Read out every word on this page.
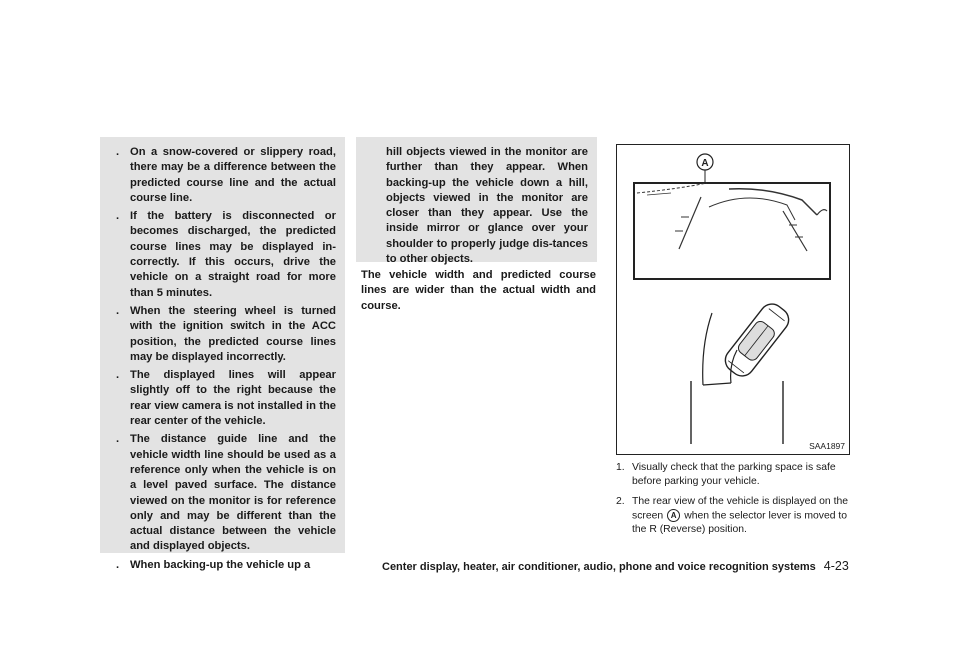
. On a snow-covered or slippery road, there may be a difference between the predicted course line and the actual course line.
. If the battery is disconnected or becomes discharged, the predicted course lines may be displayed in-correctly. If this occurs, drive the vehicle on a straight road for more than 5 minutes.
. When the steering wheel is turned with the ignition switch in the ACC position, the predicted course lines may be displayed incorrectly.
. The displayed lines will appear slightly off to the right because the rear view camera is not installed in the rear center of the vehicle.
. The distance guide line and the vehicle width line should be used as a reference only when the vehicle is on a level paved surface. The distance viewed on the monitor is for reference only and may be different than the actual distance between the vehicle and displayed objects.
. When backing-up the vehicle up a

hill objects viewed in the monitor are further than they appear. When backing-up the vehicle down a hill, objects viewed in the monitor are closer than they appear. Use the inside mirror or glance over your shoulder to properly judge dis-tances to other objects.

The vehicle width and predicted course lines are wider than the actual width and course.

A
SAA1897
1. Visually check that the parking space is safe before parking your vehicle.
2. The rear view of the vehicle is displayed on the screen A when the selector lever is moved to the R (Reverse) position.
Center display, heater, air conditioner, audio, phone and voice recognition systems 4-23
